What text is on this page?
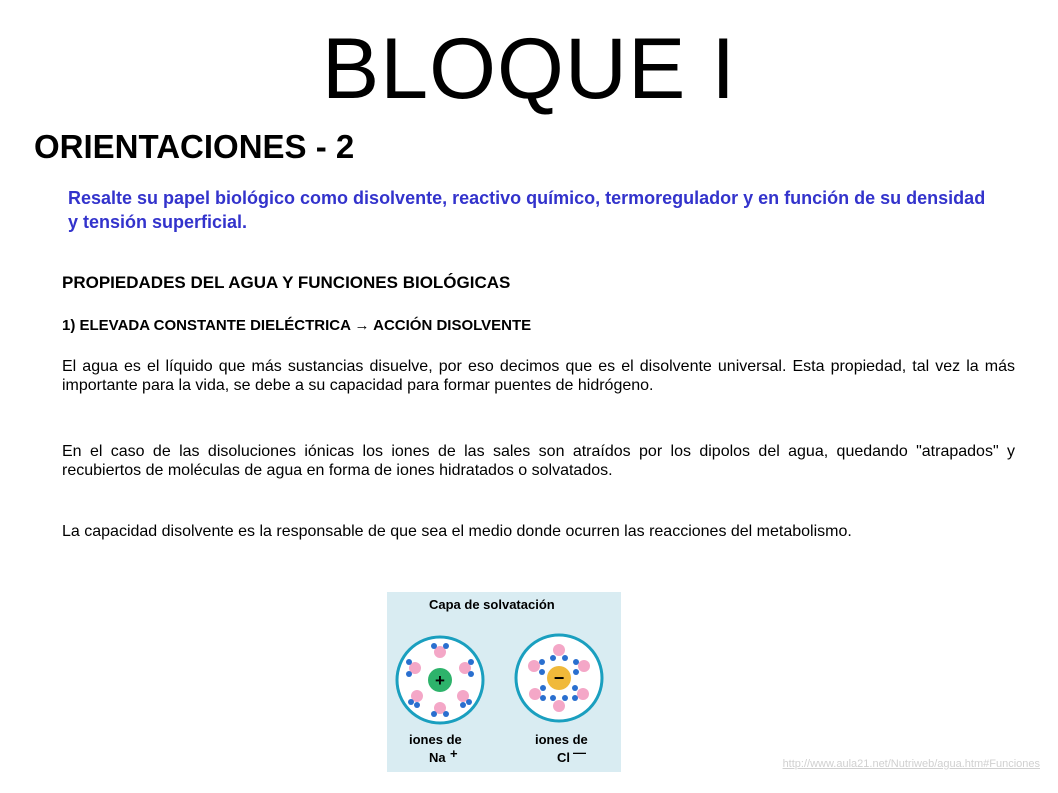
BLOQUE I
ORIENTACIONES - 2
Resalte su papel biológico como disolvente, reactivo químico, termoregulador y en función de su densidad y tensión superficial.
PROPIEDADES DEL AGUA Y FUNCIONES BIOLÓGICAS
1) ELEVADA CONSTANTE DIELÉCTRICA → ACCIÓN DISOLVENTE
El agua es el líquido que más sustancias disuelve, por eso decimos que es el disolvente universal. Esta propiedad, tal vez la más importante para la vida, se debe a su capacidad para formar puentes de hidrógeno.
En el caso de las disoluciones iónicas los iones de las sales son atraídos por los dipolos del agua, quedando "atrapados" y recubiertos de moléculas de agua en forma de iones hidratados o solvatados.
La capacidad disolvente es la responsable de que sea el medio donde ocurren las reacciones del metabolismo.
Capa de solvatación
+	−
iones de
Na +
iones de
Cl —
http://www.aula21.net/Nutriweb/agua.htm#Funciones
